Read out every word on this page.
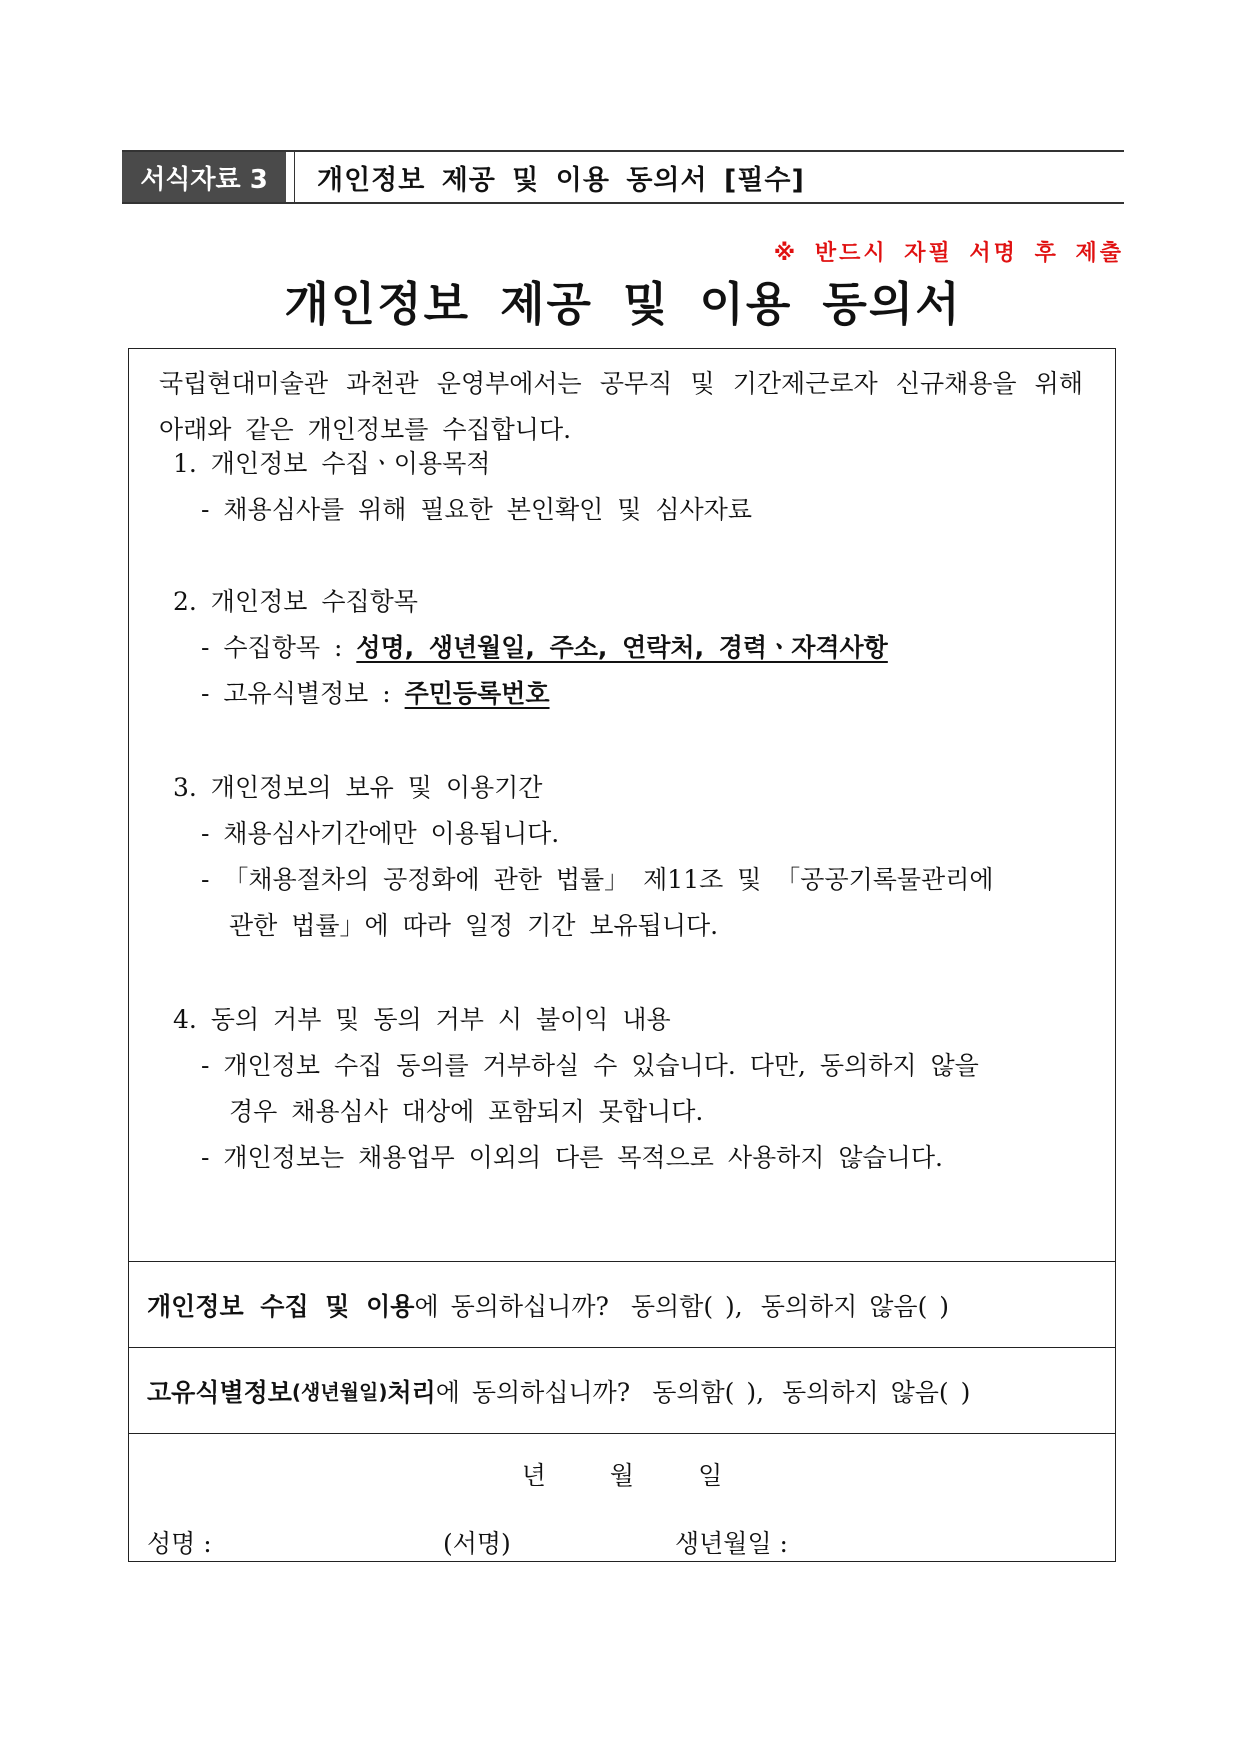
서식자료 3	개인정보 제공 및 이용 동의서 [필수]
※ 반드시 자필 서명 후 제출
개인정보 제공 및 이용 동의서
국립현대미술관 과천관 운영부에서는 공무직 및 기간제근로자 신규채용을 위해 아래와 같은 개인정보를 수집합니다.
1. 개인정보 수집ㆍ이용목적
- 채용심사를 위해 필요한 본인확인 및 심사자료
2. 개인정보 수집항목
- 수집항목 : 성명, 생년월일, 주소, 연락처, 경력ㆍ자격사항
- 고유식별정보 : 주민등록번호
3. 개인정보의 보유 및 이용기간
- 채용심사기간에만 이용됩니다.
- 「채용절차의 공정화에 관한 법률」 제11조 및 「공공기록물관리에
관한 법률」에 따라 일정 기간 보유됩니다.
4. 동의 거부 및 동의 거부 시 불이익 내용
- 개인정보 수집 동의를 거부하실 수 있습니다. 다만, 동의하지 않을
경우 채용심사 대상에 포함되지 못합니다.
- 개인정보는 채용업무 이외의 다른 목적으로 사용하지 않습니다.
개인정보 수집 및 이용 에 동의하십니까? 동의함( ), 동의하지 않음( )
고유식별정보 (생년월일) 처리 에 동의하십니까? 동의함( ), 동의하지 않음( )
년	월	일
성명 :	(서명)	생년월일 :
